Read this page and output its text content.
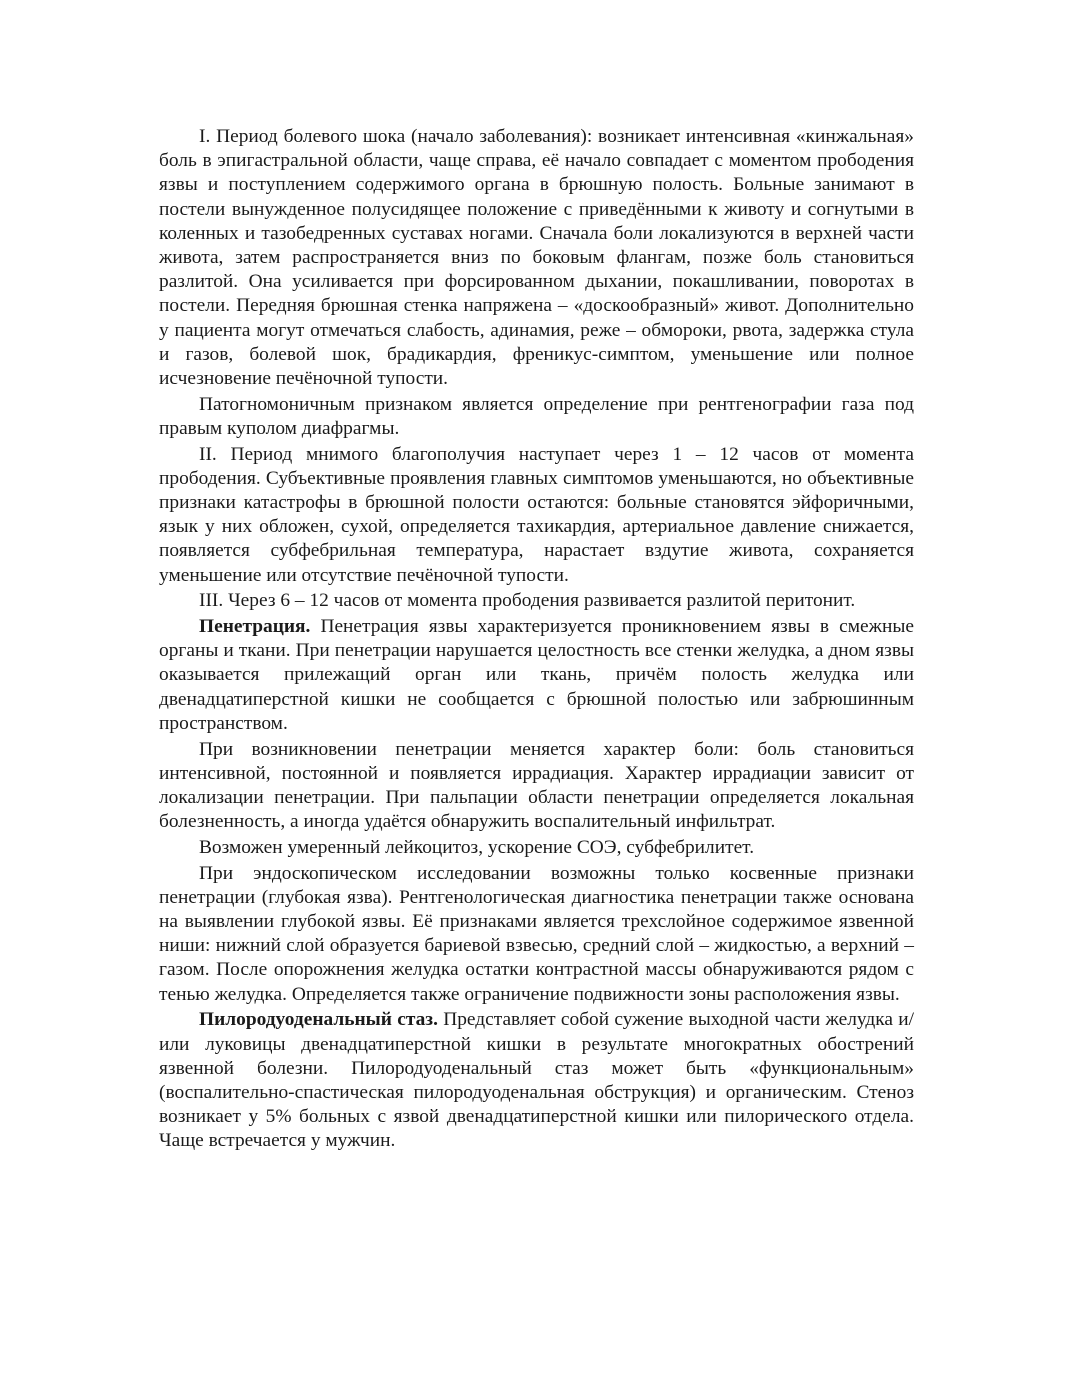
I. Период болевого шока (начало заболевания): возникает интенсивная «кинжальная» боль в эпигастральной области, чаще справа, её начало совпадает с моментом прободения язвы и поступлением содержимого органа в брюшную полость. Больные занимают в постели вынужденное полусидящее положение с приведёнными к животу и согнутыми в коленных и тазобедренных суставах ногами. Сначала боли локализуются в верхней части живота, затем распространяется вниз по боковым флангам, позже боль становиться разлитой. Она усиливается при форсированном дыхании, покашливании, поворотах в постели. Передняя брюшная стенка напряжена – «доскообразный» живот. Дополнительно у пациента могут отмечаться слабость, адинамия, реже – обмороки, рвота, задержка стула и газов, болевой шок, брадикардия, френикус-симптом, уменьшение или полное исчезновение печёночной тупости.

Патогномоничным признаком является определение при рентгенографии газа под правым куполом диафрагмы.

II. Период мнимого благополучия наступает через 1 – 12 часов от момента прободения. Субъективные проявления главных симптомов уменьшаются, но объективные признаки катастрофы в брюшной полости остаются: больные становятся эйфоричными, язык у них обложен, сухой, определяется тахикардия, артериальное давление снижается, появляется субфебрильная температура, нарастает вздутие живота, сохраняется уменьшение или отсутствие печёночной тупости.

III. Через 6 – 12 часов от момента прободения развивается разлитой перитонит.

Пенетрация. Пенетрация язвы характеризуется проникновением язвы в смежные органы и ткани. При пенетрации нарушается целостность все стенки желудка, а дном язвы оказывается прилежащий орган или ткань, причём полость желудка или двенадцатиперстной кишки не сообщается с брюшной полостью или забрюшинным пространством.

При возникновении пенетрации меняется характер боли: боль становиться интенсивной, постоянной и появляется иррадиация. Характер иррадиации зависит от локализации пенетрации. При пальпации области пенетрации определяется локальная болезненность, а иногда удаётся обнаружить воспалительный инфильтрат.

Возможен умеренный лейкоцитоз, ускорение СОЭ, субфебрилитет.

При эндоскопическом исследовании возможны только косвенные признаки пенетрации (глубокая язва). Рентгенологическая диагностика пенетрации также основана на выявлении глубокой язвы. Её признаками является трехслойное содержимое язвенной ниши: нижний слой образуется бариевой взвесью, средний слой – жидкостью, а верхний – газом. После опорожнения желудка остатки контрастной массы обнаруживаются рядом с тенью желудка. Определяется также ограничение подвижности зоны расположения язвы.

Пилородуоденальный стаз. Представляет собой сужение выходной части желудка и/или луковицы двенадцатиперстной кишки в результате многократных обострений язвенной болезни. Пилородуоденальный стаз может быть «функциональным» (воспалительно-спастическая пилородуоденальная обструкция) и органическим. Стеноз возникает у 5% больных с язвой двенадцатиперстной кишки или пилорического отдела. Чаще встречается у мужчин.
